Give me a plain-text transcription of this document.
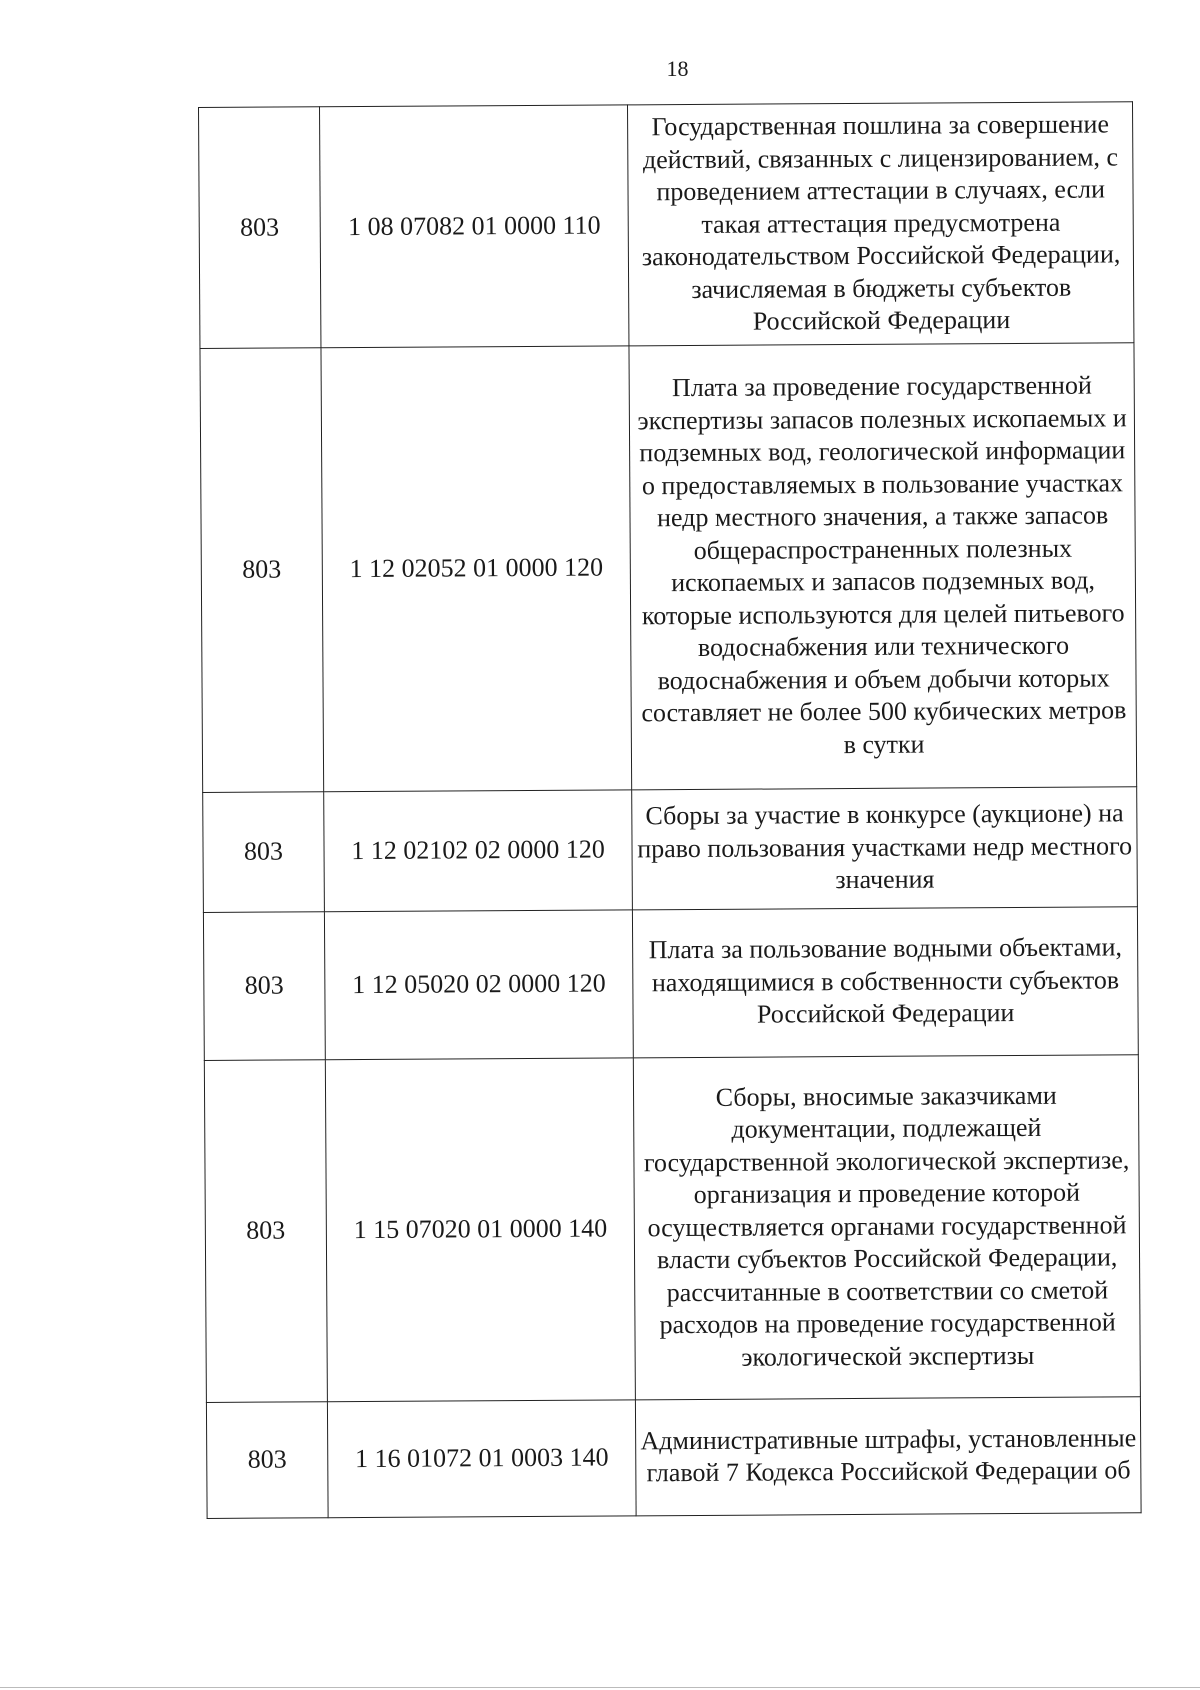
18
803	1 08 07082 01 0000 110	Государственная пошлина за совершение действий, связанных с лицензированием, с проведением аттестации в случаях, если такая аттестация предусмотрена законодательством Российской Федерации, зачисляемая в бюджеты субъектов Российской Федерации
803	1 12 02052 01 0000 120	Плата за проведение государственной экспертизы запасов полезных ископаемых и подземных вод, геологической информации о предоставляемых в пользование участках недр местного значения, а также запасов общераспространенных полезных ископаемых и запасов подземных вод, которые используются для целей питьевого водоснабжения или технического водоснабжения и объем добычи которых составляет не более 500 кубических метров в сутки
803	1 12 02102 02 0000 120	Сборы за участие в конкурсе (аукционе) на право пользования участками недр местного значения
803	1 12 05020 02 0000 120	Плата за пользование водными объектами, находящимися в собственности субъектов Российской Федерации
803	1 15 07020 01 0000 140	Сборы, вносимые заказчиками документации, подлежащей государственной экологической экспертизе, организация и проведение которой осуществляется органами государственной власти субъектов Российской Федерации, рассчитанные в соответствии со сметой расходов на проведение государственной экологической экспертизы
803	1 16 01072 01 0003 140	Административные штрафы, установленные главой 7 Кодекса Российской Федерации об
